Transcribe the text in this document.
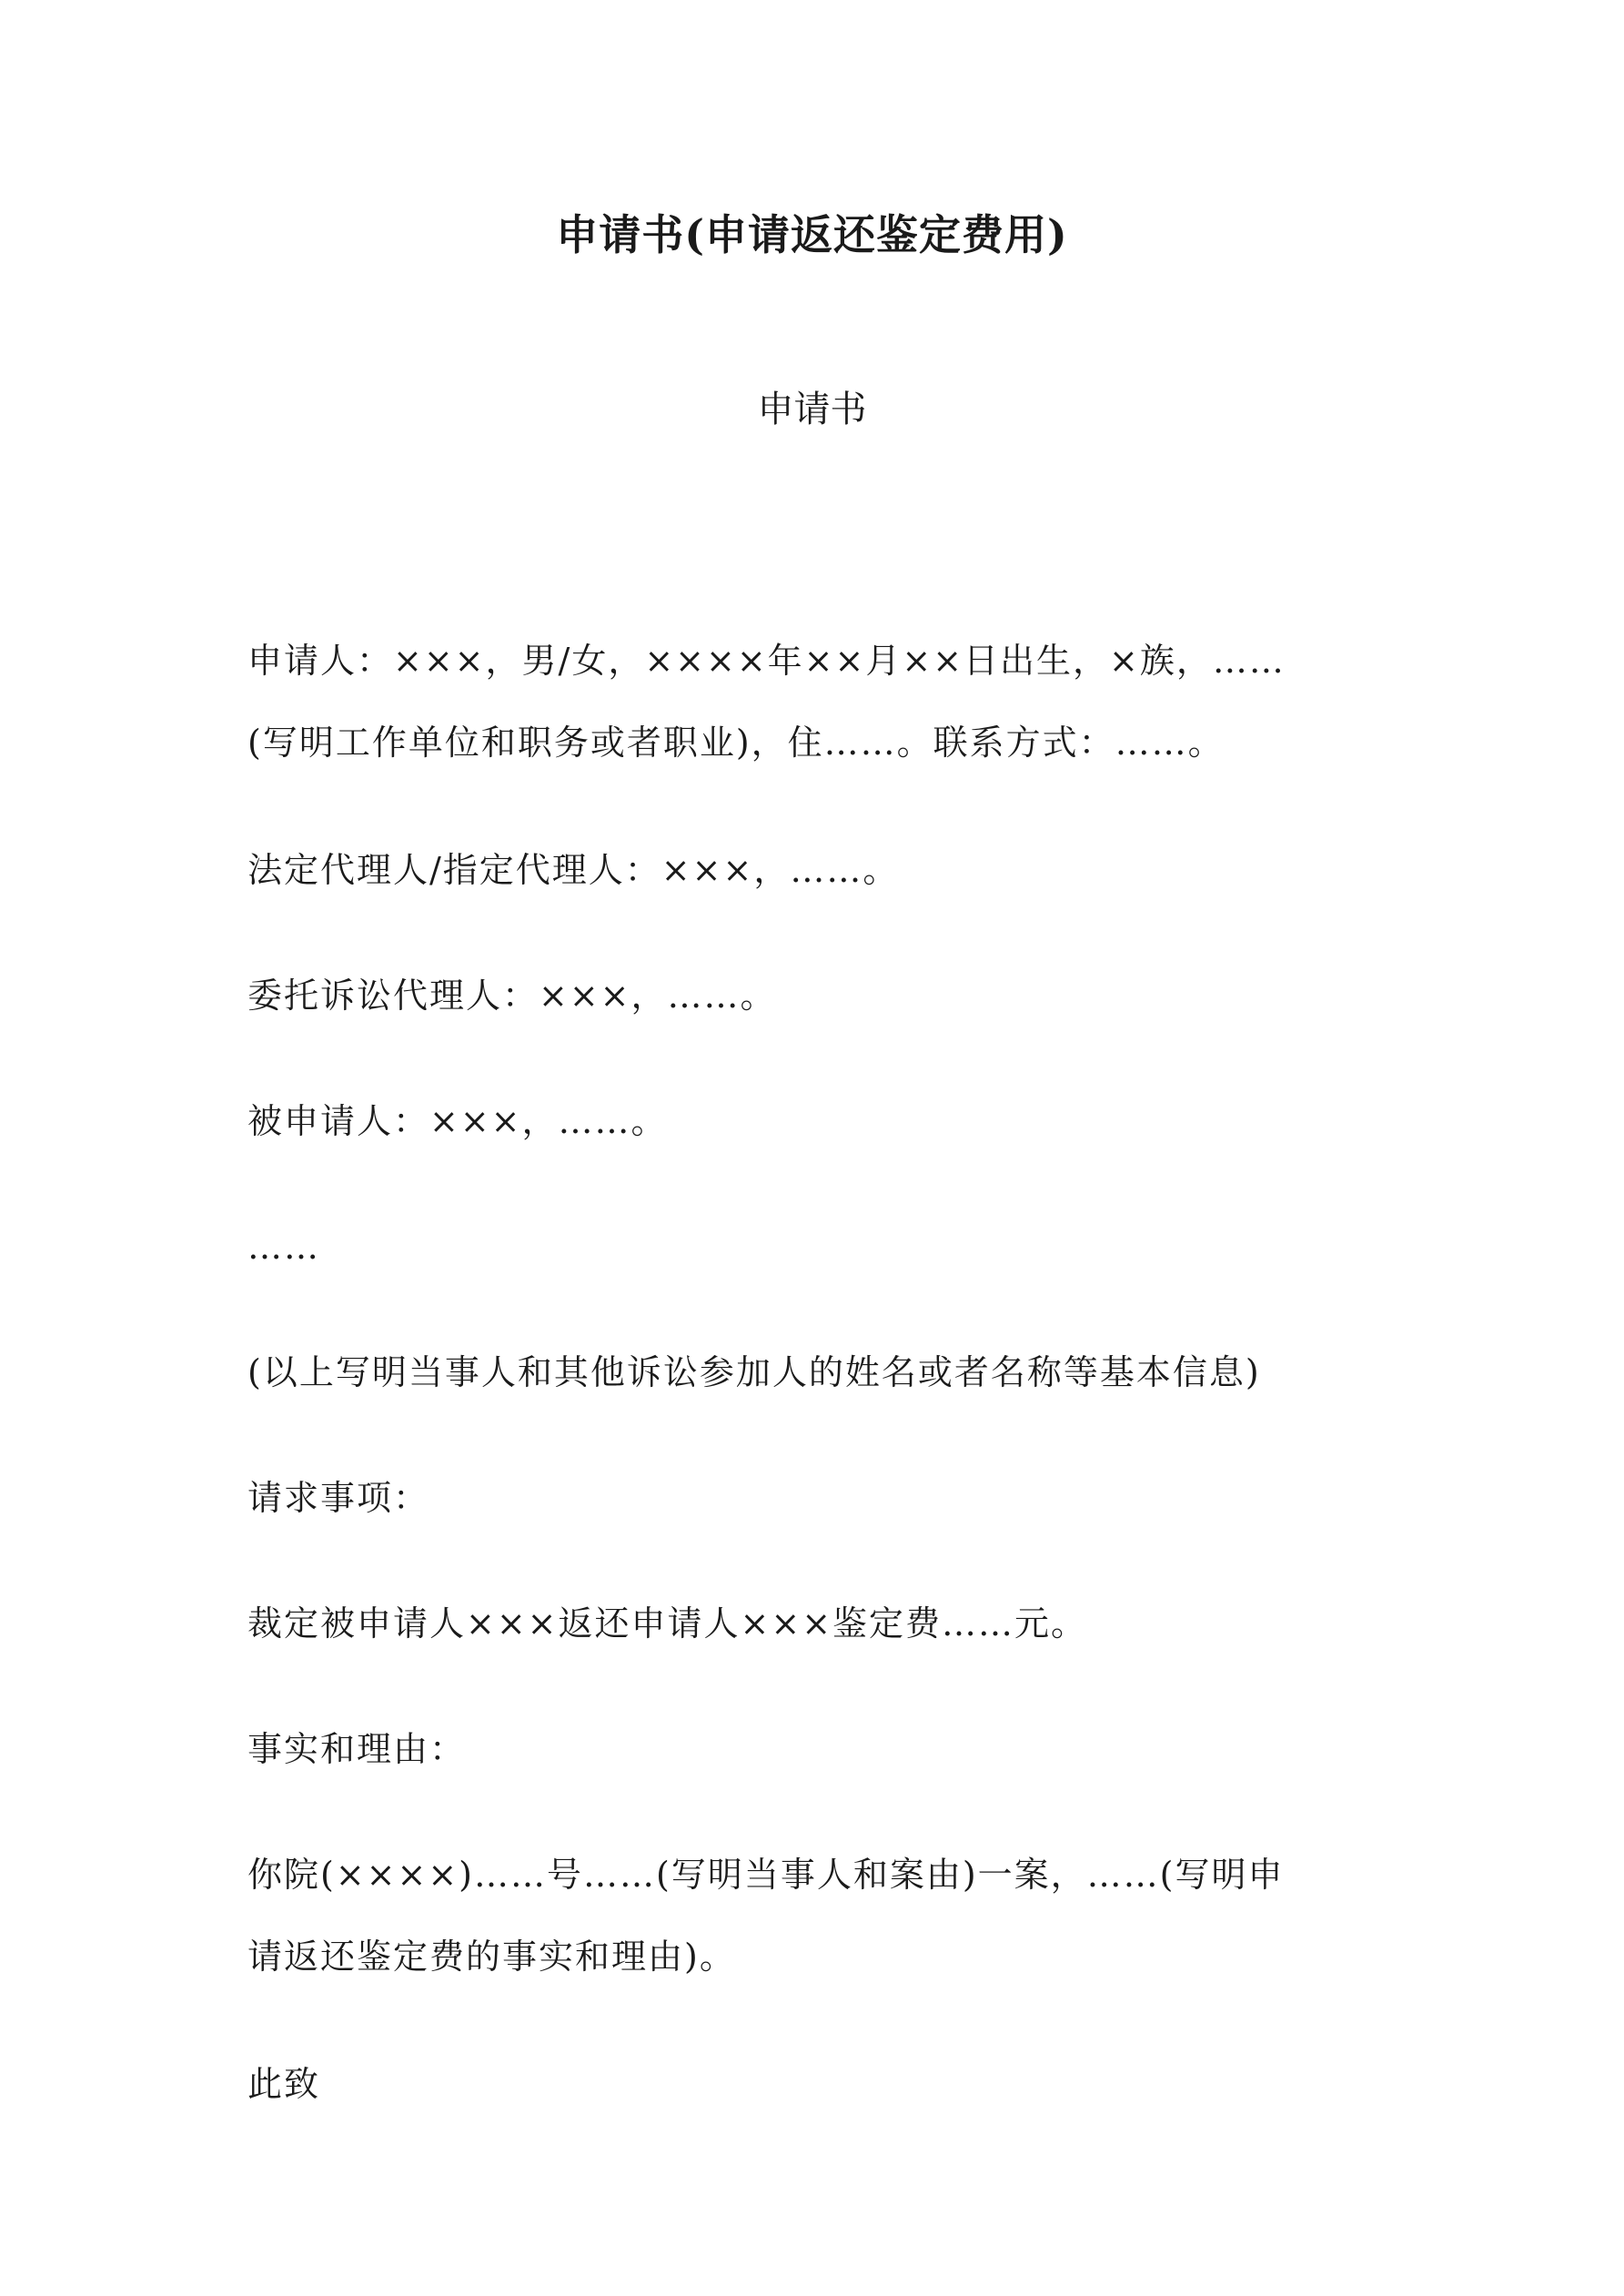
申请书(申请返还鉴定费用)
申请书
申请人：×××，男/女，××××年××月××日出生，×族，……
(写明工作单位和职务或者职业)，住……。联系方式：……。
法定代理人/指定代理人：×××，……。
委托诉讼代理人：×××，……。
被申请人：×××，……。
……
(以上写明当事人和其他诉讼参加人的姓名或者名称等基本信息)
请求事项：
裁定被申请人×××返还申请人×××鉴定费……元。
事实和理由：
你院(××××)……号……(写明当事人和案由)一案，……(写明申
请返还鉴定费的事实和理由)。
此致
